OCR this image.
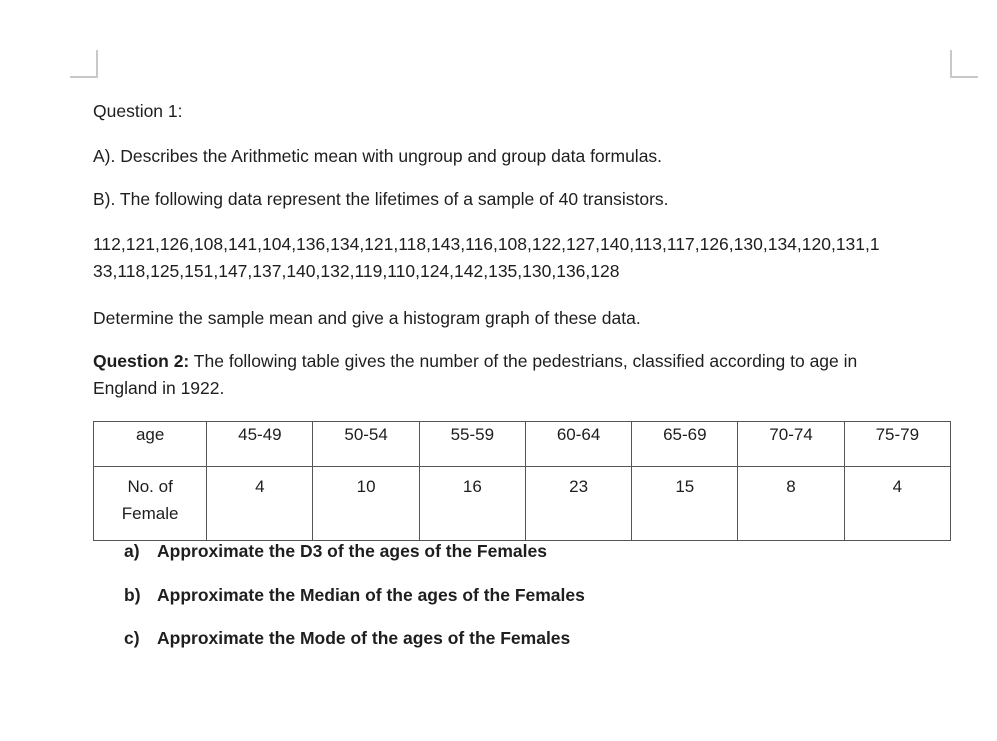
Question 1:
A). Describes the Arithmetic mean with ungroup and group data formulas.
B). The following data represent the lifetimes of a sample of 40 transistors.
112,121,126,108,141,104,136,134,121,118,143,116,108,122,127,140,113,117,126,130,134,120,131,1
33,118,125,151,147,137,140,132,119,110,124,142,135,130,136,128
Determine the sample mean and give a histogram graph of these data.
Question 2: The following table gives the number of the pedestrians, classified according to age in
England in 1922.
age	45-49	50-54	55-59	60-64	65-69	70-74	75-79
No. of
Female	4	10	16	23	15	8	4
a) Approximate the D3 of the ages of the Females
b) Approximate the Median of the ages of the Females
c) Approximate the Mode of the ages of the Females
